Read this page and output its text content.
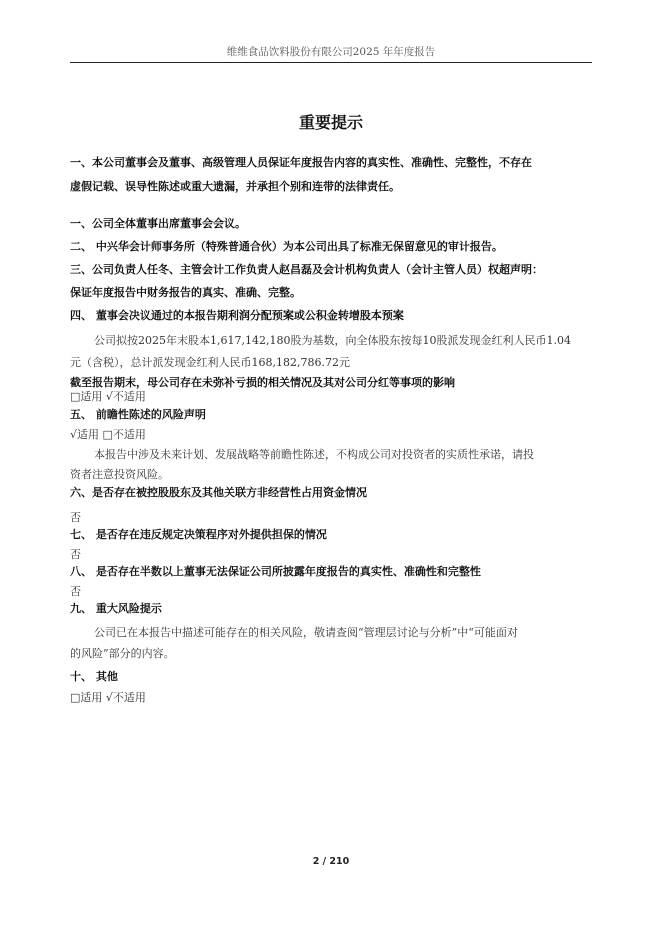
维维食品饮料股份有限公司2025 年年度报告
重要提示
一、本公司董事会及董事、高级管理人员保证年度报告内容的真实性、准确性、完整性，不存在
虚假记载、误导性陈述或重大遗漏，并承担个别和连带的法律责任。
一、公司全体董事出席董事会会议。
二、 中兴华会计师事务所（特殊普通合伙）为本公司出具了标准无保留意见的审计报告。
三、公司负责人任冬、主管会计工作负责人赵昌磊及会计机构负责人（会计主管人员）权超声明：
保证年度报告中财务报告的真实、准确、完整。
四、 董事会决议通过的本报告期利润分配预案或公积金转增股本预案
公司拟按2025年末股本1,617,142,180股为基数，向全体股东按每10股派发现金红利人民币1.04
元（含税），总计派发现金红利人民币168,182,786.72元
截至报告期末，母公司存在未弥补亏损的相关情况及其对公司分红等事项的影响
□适用 √不适用
五、 前瞻性陈述的风险声明
√适用 □不适用
本报告中涉及未来计划、发展战略等前瞻性陈述，不构成公司对投资者的实质性承诺，请投
资者注意投资风险。
六、是否存在被控股股东及其他关联方非经营性占用资金情况
否
七、 是否存在违反规定决策程序对外提供担保的情况
否
八、 是否存在半数以上董事无法保证公司所披露年度报告的真实性、准确性和完整性
否
九、 重大风险提示
公司已在本报告中描述可能存在的相关风险，敬请查阅“管理层讨论与分析”中“可能面对
的风险”部分的内容。
十、 其他
□适用 √不适用
2 / 210
